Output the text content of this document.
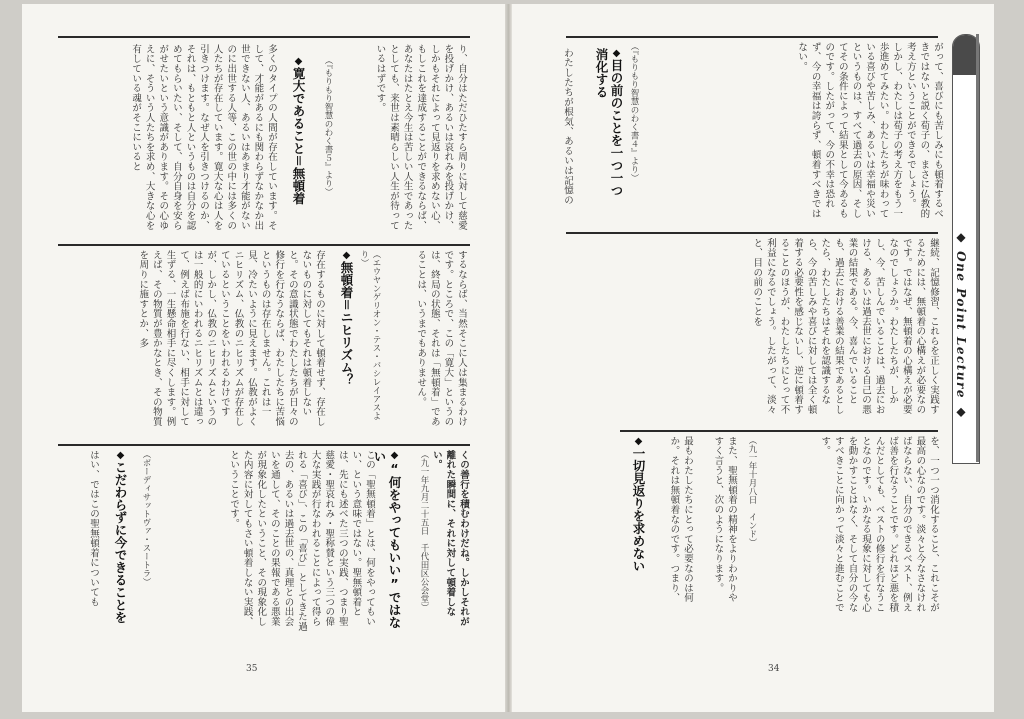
◆ One Point Lecture ◆
がって、喜びにも苦しみにも頓着するべきではないと説く荀子の、まさに仏教的考え方ということができるでしょう。 しかし、わたしは荀子の考え方をもう一歩進めてみたい。わたしたちが味わっている喜びや苦しみ、あるいは幸福や災いというものは、すべて過去の原因、そしてその条件によって結果として今あるものです。したがって、今の不幸は恐れず、今の幸福は誇らず、頓着すべきではない。
◆目の前のことを一つ一つ消化する
わたしたちが根気、あるいは記憶の	（『もりもり智慧のわく書４』より）
継続、記憶修習、これらを正しく実践するためには、無頓着の心構えが必要なのです。ではなぜ、無頓着の心構えが必要なのでしょうか。わたしたちが、しかし、今、苦しんでいることは、過去における、あるいは過去世における自己の悪業の結果である。今、喜んでいることも、過去における善業の結果であるとしたら、わたしたちはそれを認識するなら、今の苦しみや喜びに対しては全く頓着する必要性を感じないし、逆に頓着することのほうが、わたしたちにとって不利益になるでしょう。したがって、淡々と、目の前のことを
を、一つ一つ消化すること、これこそが最高の心なのです。淡々と今なさなければならない、自分のできるベスト、例えば善を行なうことです。どれほど悪を積んだとしても、ベストの修行を行なうことなのです。いかなる現象に対しても心を動かすことはなく、そして自分の今なすべきことに向かって淡々と進むことです。
（九一年十月八日　インド）
また、聖無頓着の精神をよりわかりやすく言うと、次のようになります。
◆一切見返りを求めない	最もわたしたちにとって必要なのは何か。それは無頓着なのです。つまり、
34
り、自分はただひたすら周りに対して慈愛を投げかけ、あるいは哀れみを投げかけ、しかもそれによって見返りを求めない心、もしこれを達成することができるならば、あなたはたとえ今生は苦しい人生であったとしても、来世は素晴らしい人生が待っているはずです。
（『もりもり智慧のわく書５』より）
◆寛大であること＝無頓着
多くのタイプの人間が存在しています。そして、才能があるにも関わらずなかなか出世できない人、あるいはあまり才能がないのに出世する人等、この世の中には多くの人たちが存在しています。寛大な心は人を引きつけます。なぜ人を引きつけるのか、それは、もともと人というものは自分を認めてもらいたい、そして、自分自身を安らがせたいという意識があります。その心ゆえに、そういう人たちを求め、大きな心を有している魂がそこにいると
するならば、当然そこに人は集まるわけです。ところで、この「寛大」というのは、終局の状態、それは「無頓着」であることは、いうまでもありません。
（エウヤンゲリオン・テス・バシレイアスより）
◆無頓着＝ニヒリズム？
存在するものに対して頓着せず、存在しないものに対してもそれは頓着しないと。その意識状態でわたしたちが日々の修行を行なうならば、わたしたちに苦悩というものは存在しません。これは一見、冷たいように見えます。仏教がよくニヒリズム、仏教のニヒリズムが存在しているということをいわれるわけですが、しかし、仏教のニヒリズムというのは一般的にいわれるニヒリズムとは違って、例えば布施を行ない、相手に対して生ずる、一生懸命相手に尽くします。例えば、その物質が豊かなとき、その物質を周りに施すとか、多
くの善行を積むわけだね。しかしそれが離れた瞬間に、それに対して頓着しない。
（九一年九月二十五日　千代田区公会堂）
◆“何をやってもいい”ではない
この「聖無頓着」とは、何をやってもいい、という意味ではない。聖無頓着とは、先にも述べた三つの実践、つまり聖慈愛・聖哀れみ・聖称賛という三つの偉大な実践が行なわれることによって得られる「喜び」、この「喜び」としてきた過去の、あるいは過去世の、真理との出会いを通して、そのことの果報である悪業が現象化したということ、その現象化した内容に対してもさい頓着しない実践、ということです。
（ボーディサットヴァ・スートラ）
◆こだわらずに今できることを
はい、ではこの聖無頓着についても
35
